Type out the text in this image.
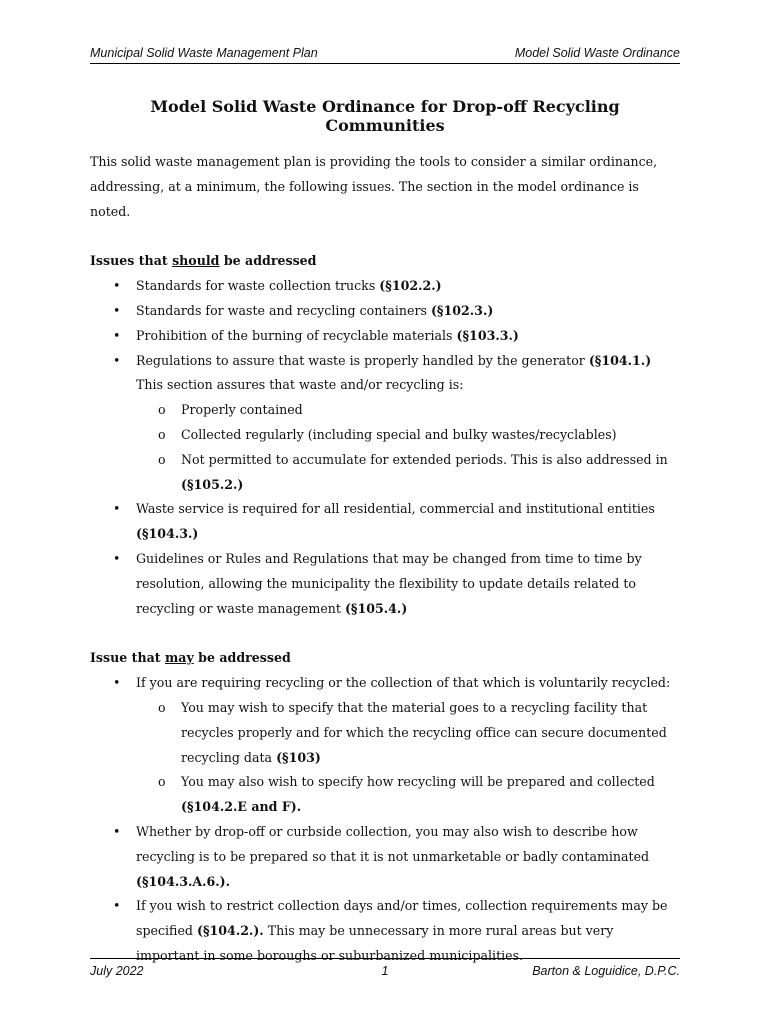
Municipal Solid Waste Management Plan	Model Solid Waste Ordinance
Model Solid Waste Ordinance for Drop-off Recycling Communities

This solid waste management plan is providing the tools to consider a similar ordinance, addressing, at a minimum, the following issues. The section in the model ordinance is noted.

Issues that should be addressed

• Standards for waste collection trucks (§102.2.)
• Standards for waste and recycling containers (§102.3.)
• Prohibition of the burning of recyclable materials (§103.3.)
• Regulations to assure that waste is properly handled by the generator (§104.1.) This section assures that waste and/or recycling is:
o Properly contained
o Collected regularly (including special and bulky wastes/recyclables)
o Not permitted to accumulate for extended periods. This is also addressed in
(§105.2.)
• Waste service is required for all residential, commercial and institutional entities
(§104.3.)
• Guidelines or Rules and Regulations that may be changed from time to time by resolution, allowing the municipality the flexibility to update details related to recycling or waste management (§105.4.)

Issue that may be addressed

• If you are requiring recycling or the collection of that which is voluntarily recycled:
o You may wish to specify that the material goes to a recycling facility that recycles properly and for which the recycling office can secure documented recycling data (§103)
o You may also wish to specify how recycling will be prepared and collected
(§104.2.E and F).
• Whether by drop-off or curbside collection, you may also wish to describe how recycling is to be prepared so that it is not unmarketable or badly contaminated (§104.3.A.6.).
• If you wish to restrict collection days and/or times, collection requirements may be specified (§104.2.). This may be unnecessary in more rural areas but very important in some boroughs or suburbanized municipalities.
July 2022	1	Barton & Loguidice, D.P.C.
